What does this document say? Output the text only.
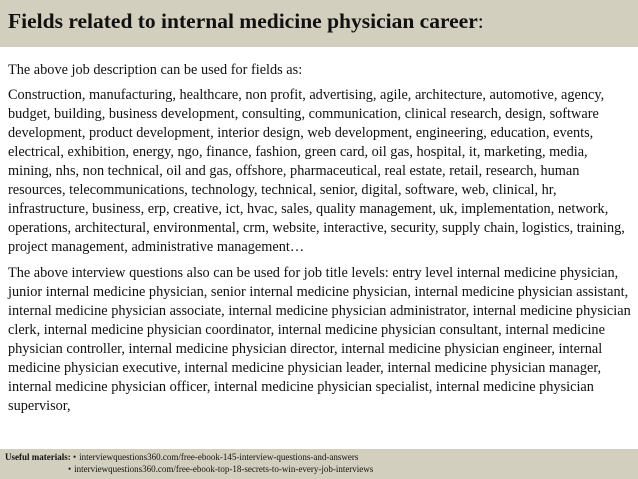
Fields related to internal medicine physician career:

The above job description can be used for fields as:

Construction, manufacturing, healthcare, non profit, advertising, agile, architecture, automotive, agency, budget, building, business development, consulting, communication, clinical research, design, software development, product development, interior design, web development, engineering, education, events, electrical, exhibition, energy, ngo, finance, fashion, green card, oil gas, hospital, it, marketing, media, mining, nhs, non technical, oil and gas, offshore, pharmaceutical, real estate, retail, research, human resources, telecommunications, technology, technical, senior, digital, software, web, clinical, hr, infrastructure, business, erp, creative, ict, hvac, sales, quality management, uk, implementation, network, operations, architectural, environmental, crm, website, interactive, security, supply chain, logistics, training, project management, administrative management…

The above interview questions also can be used for job title levels: entry level internal medicine physician, junior internal medicine physician, senior internal medicine physician, internal medicine physician assistant, internal medicine physician associate, internal medicine physician administrator, internal medicine physician clerk, internal medicine physician coordinator, internal medicine physician consultant, internal medicine physician controller, internal medicine physician director, internal medicine physician engineer, internal medicine physician executive, internal medicine physician leader, internal medicine physician manager, internal medicine physician officer, internal medicine physician specialist, internal medicine physician supervisor,

Useful materials: • interviewquestions360.com/free-ebook-145-interview-questions-and-answers
• interviewquestions360.com/free-ebook-top-18-secrets-to-win-every-job-interviews
